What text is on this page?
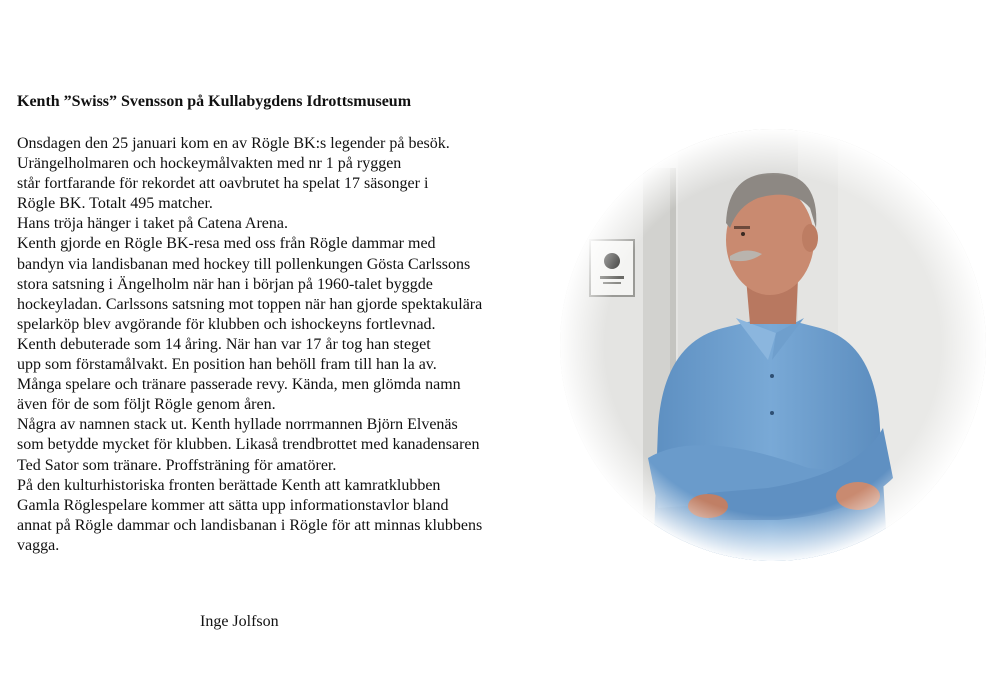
Kenth ”Swiss” Svensson på Kullabygdens Idrottsmuseum
Onsdagen den 25 januari kom en av Rögle BK:s legender på besök.
Urängelholmaren och hockeymålvakten med nr 1 på ryggen
står fortfarande för rekordet att oavbrutet ha spelat 17 säsonger i
Rögle BK. Totalt 495 matcher.
Hans tröja hänger i taket på Catena Arena.
Kenth gjorde en Rögle BK-resa med oss från Rögle dammar med
bandyn via landisbanan med hockey till pollenkungen Gösta Carlssons
stora satsning i Ängelholm när han i början på 1960-talet byggde
hockeyladan. Carlssons satsning mot toppen när han gjorde spektakulära
spelarköp blev avgörande för klubben och ishockeyns fortlevnad.
Kenth debuterade som 14 åring. När han var 17 år tog han steget
upp som förstamålvakt. En position han behöll fram till han la av.
Många spelare och tränare passerade revy. Kända, men glömda namn
även för de som följt Rögle genom åren.
Några av namnen stack ut. Kenth hyllade norrmannen Björn Elvenäs
som betydde mycket för klubben. Likaså trendbrottet med kanadensaren
Ted Sator som tränare. Proffsträning för amatörer.
På den kulturhistoriska fronten berättade Kenth att kamratklubben
Gamla Röglespelare kommer att sätta upp informationstavlor bland
annat på Rögle dammar och landisbanan i Rögle för att minnas klubbens
vagga.
Inge Jolfson
